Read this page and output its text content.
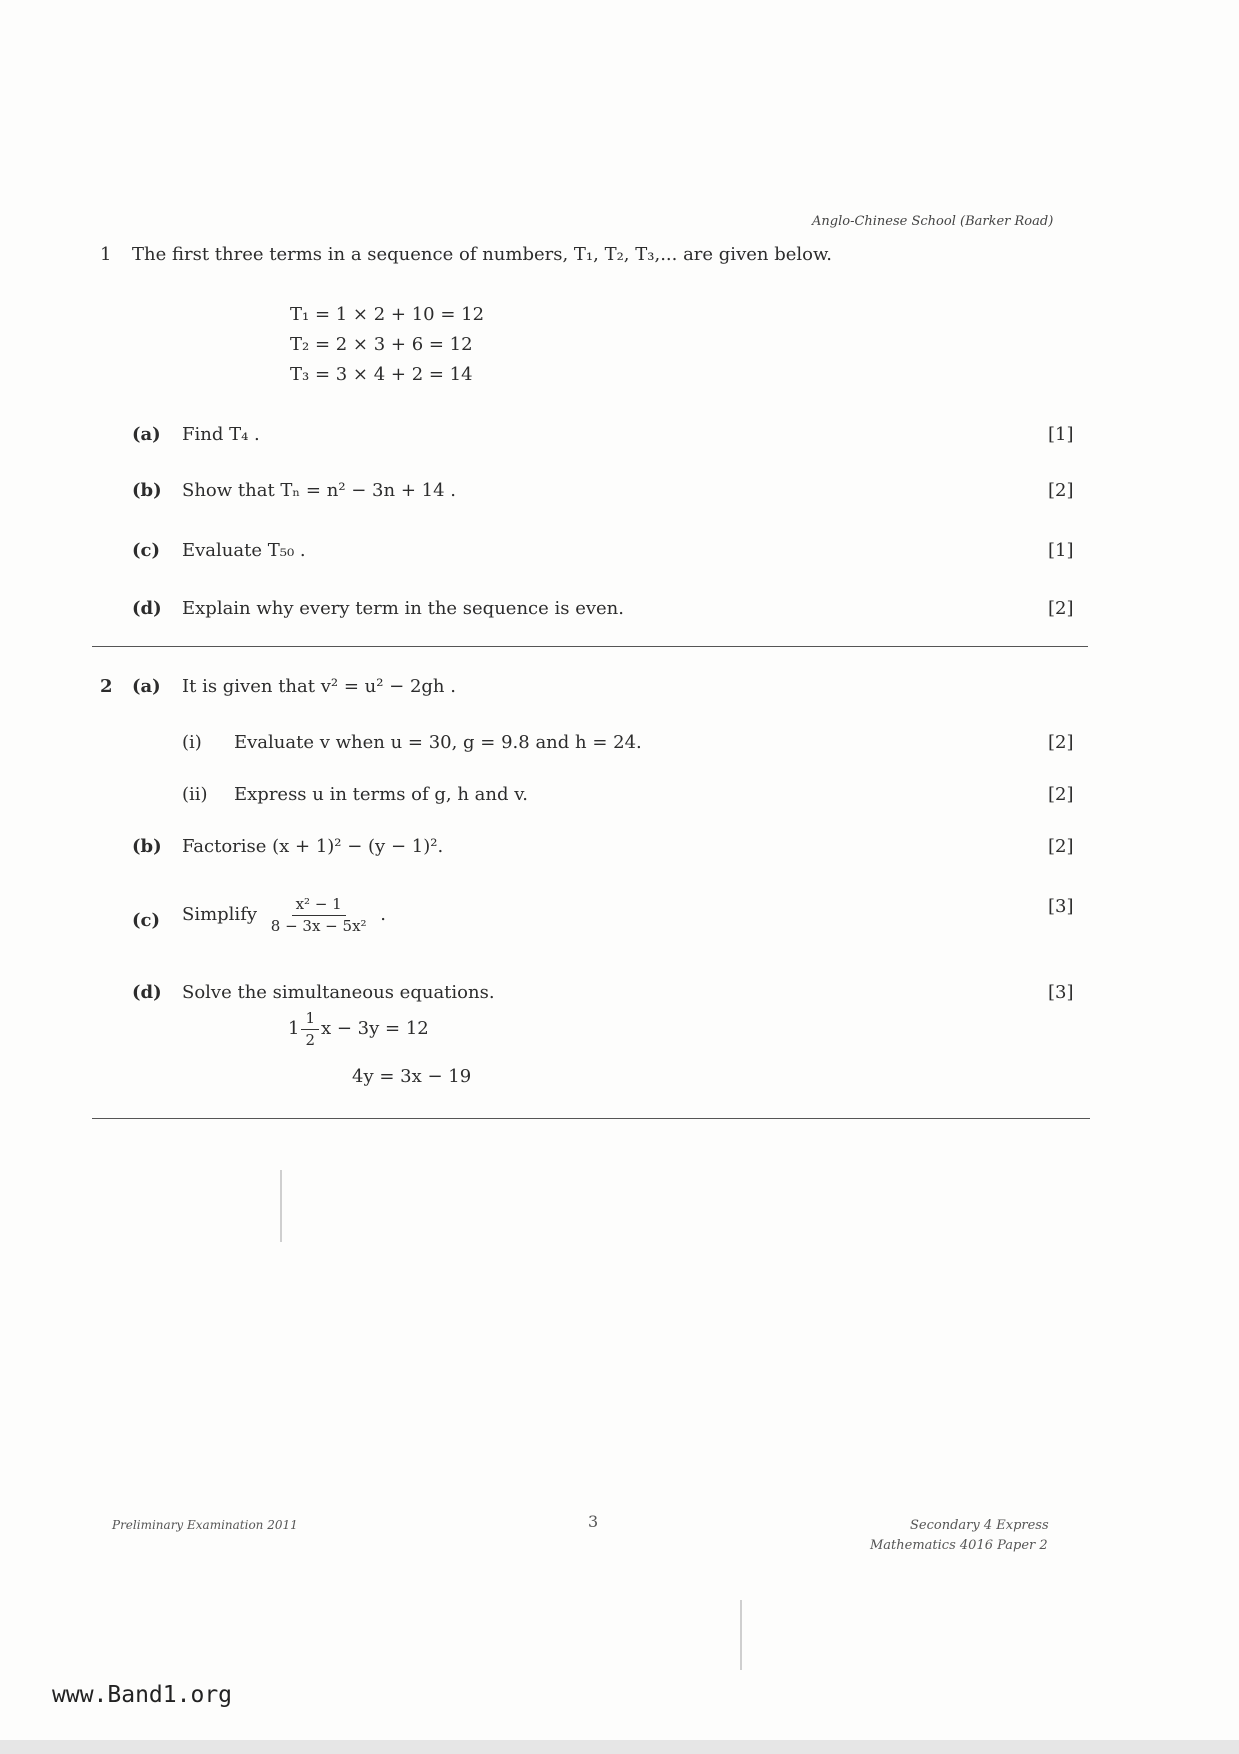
Anglo-Chinese School (Barker Road)
1 The first three terms in a sequence of numbers, T₁, T₂, T₃,... are given below.
T₁ = 1 × 2 + 10 = 12
T₂ = 2 × 3 + 6 = 12
T₃ = 3 × 4 + 2 = 14
(a) Find T₄ .	[1]
(b) Show that Tₙ = n² − 3n + 14 .	[2]
(c) Evaluate T₅₀ .	[1]
(d) Explain why every term in the sequence is even.	[2]
2 (a) It is given that v² = u² − 2gh .
(i) Evaluate v when u = 30, g = 9.8 and h = 24.	[2]
(ii) Express u in terms of g, h and v.	[2]
(b) Factorise (x + 1)² − (y − 1)².	[2]
(c) Simplify $\frac{\text{x² − 1}}{\text{8 − 3x − 5x²}}$ .	[3]
(d) Solve the simultaneous equations.	[3]
$1 \frac{1}{2}$ x − 3y = 12
4y = 3x − 19
Preliminary Examination 2011	3	Secondary 4 Express
Mathematics 4016 Paper 2
www.Band1.org
